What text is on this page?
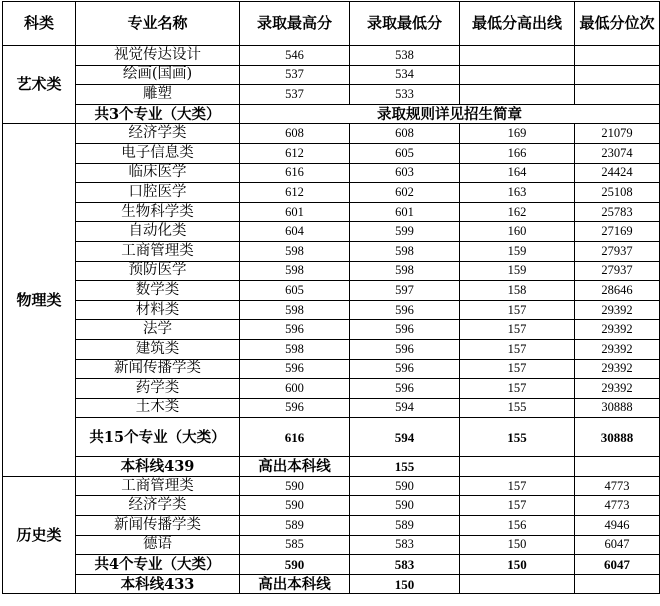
科类	专业名称	录取最高分	录取最低分	最低分高出线	最低分位次
艺术类	视觉传达设计	546	538		
	绘画(国画)	537	534		
	雕塑	537	533		
	共3个专业（大类）	录取规则详见招生简章			
物理类	经济学类	608	608	169	21079
	电子信息类	612	605	166	23074
	临床医学	616	603	164	24424
	口腔医学	612	602	163	25108
	生物科学类	601	601	162	25783
	自动化类	604	599	160	27169
	工商管理类	598	598	159	27937
	预防医学	598	598	159	27937
	数学类	605	597	158	28646
	材料类	598	596	157	29392
	法学	596	596	157	29392
	建筑类	598	596	157	29392
	新闻传播学类	596	596	157	29392
	药学类	600	596	157	29392
	土木类	596	594	155	30888
	共15个专业（大类）	616	594	155	30888
	本科线439	高出本科线	155		
历史类	工商管理类	590	590	157	4773
	经济学类	590	590	157	4773
	新闻传播学类	589	589	156	4946
	德语	585	583	150	6047
	共4个专业（大类）	590	583	150	6047
	本科线433	高出本科线	150		
